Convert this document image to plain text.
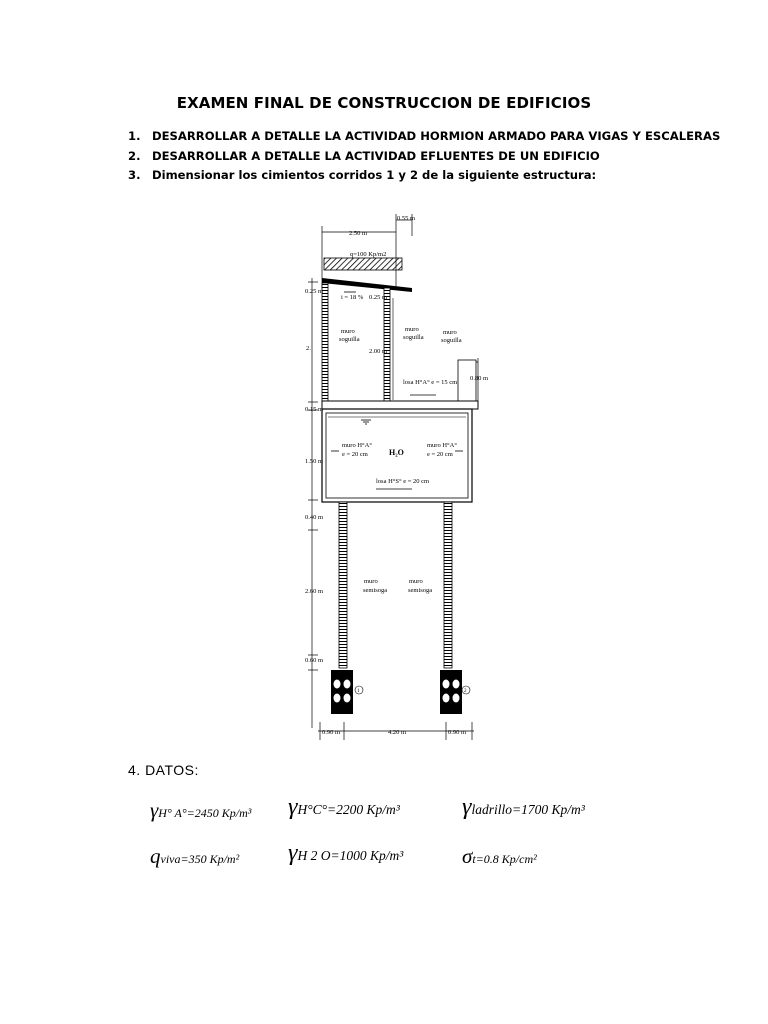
EXAMEN FINAL DE CONSTRUCCION DE EDIFICIOS
1. DESARROLLAR A DETALLE LA ACTIVIDAD HORMION ARMADO PARA VIGAS Y ESCALERAS
2. DESARROLLAR A DETALLE LA ACTIVIDAD EFLUENTES DE UN EDIFICIO
3. Dimensionar los cimientos corridos 1 y 2 de la siguiente estructura:
2.50 m
0.55 m
q=100 Kp/m2
i = 18 %
0.25 m
0.25 m
2.	2.00 m
0.80 m
muro
soguilla
muro
soguilla
muro
soguilla
losa H°A° e = 15 cm
0.15 m
1.50 m
muro H°A°
e = 20 cm
muro H°A°
e = 20 cm
H₂O
losa H°S° e = 20 cm
0.40 m
2.60 m
muro
semisoga
muro
semisoga
0.60 m
1	2
0.90 m	4.20 m	0.90 m
4. DATOS:
γH° A°=2450 Kp/m³ γH°C°=2200 Kp/m³	γladrillo=1700 Kp/m³
qviva=350 Kp/m² γH 2 O=1000 Kp/m³	σt=0.8 Kp/cm²
